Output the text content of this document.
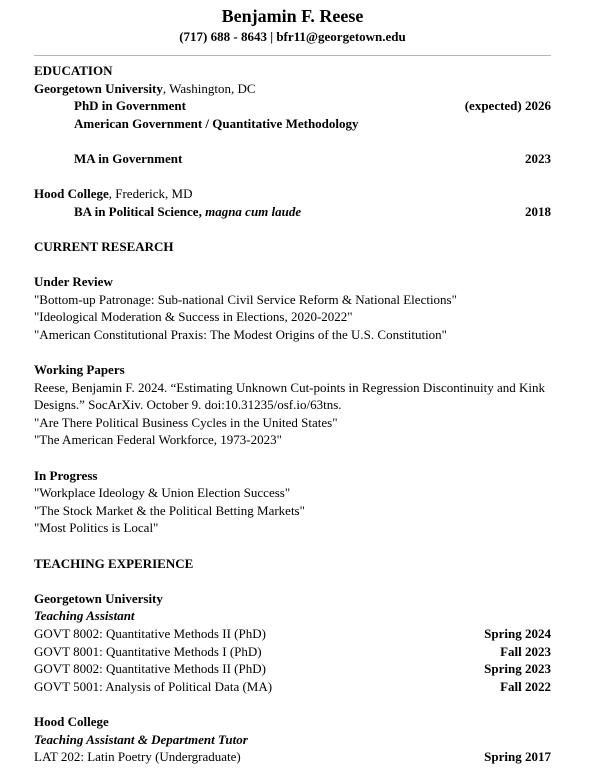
Benjamin F. Reese
(717) 688 - 8643 | bfr11@georgetown.edu
EDUCATION
Georgetown University, Washington, DC
PhD in Government	(expected) 2026
American Government / Quantitative Methodology
MA in Government	2023
Hood College, Frederick, MD
BA in Political Science, magna cum laude	2018
CURRENT RESEARCH
Under Review
"Bottom-up Patronage: Sub-national Civil Service Reform & National Elections"
"Ideological Moderation & Success in Elections, 2020-2022"
"American Constitutional Praxis: The Modest Origins of the U.S. Constitution"
Working Papers
Reese, Benjamin F. 2024. “Estimating Unknown Cut-points in Regression Discontinuity and Kink
Designs.” SocArXiv. October 9. doi:10.31235/osf.io/63tns.
"Are There Political Business Cycles in the United States"
"The American Federal Workforce, 1973-2023"
In Progress
"Workplace Ideology & Union Election Success"
"The Stock Market & the Political Betting Markets"
"Most Politics is Local"
TEACHING EXPERIENCE
Georgetown University
Teaching Assistant
GOVT 8002: Quantitative Methods II (PhD)	Spring 2024
GOVT 8001: Quantitative Methods I (PhD)	Fall 2023
GOVT 8002: Quantitative Methods II (PhD)	Spring 2023
GOVT 5001: Analysis of Political Data (MA)	Fall 2022
Hood College
Teaching Assistant & Department Tutor
LAT 202: Latin Poetry (Undergraduate)	Spring 2017
